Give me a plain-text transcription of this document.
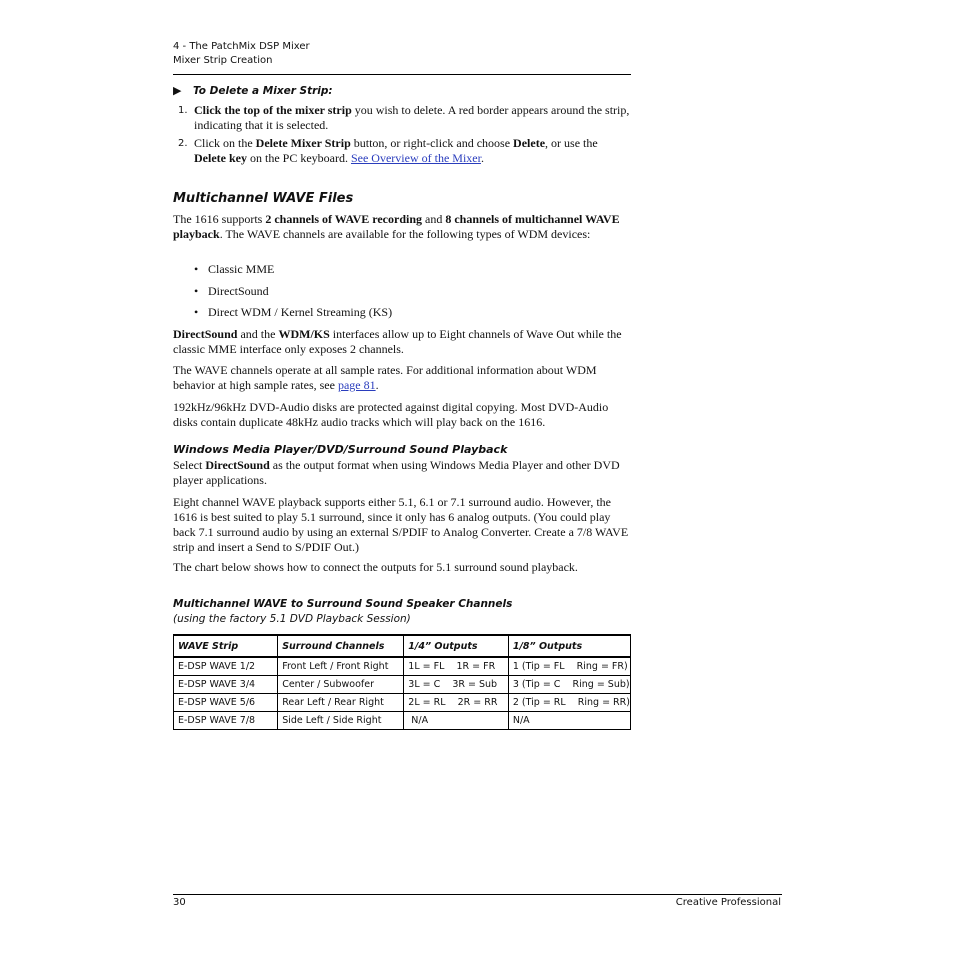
4 - The PatchMix DSP Mixer
Mixer Strip Creation
▶ To Delete a Mixer Strip:
1. Click the top of the mixer strip you wish to delete. A red border appears around the strip, indicating that it is selected.
2. Click on the Delete Mixer Strip button, or right-click and choose Delete, or use the Delete key on the PC keyboard. See Overview of the Mixer.
Multichannel WAVE Files
The 1616 supports 2 channels of WAVE recording and 8 channels of multichannel WAVE playback. The WAVE channels are available for the following types of WDM devices:
• Classic MME
• DirectSound
• Direct WDM / Kernel Streaming (KS)
DirectSound and the WDM/KS interfaces allow up to Eight channels of Wave Out while the classic MME interface only exposes 2 channels.
The WAVE channels operate at all sample rates. For additional information about WDM behavior at high sample rates, see page 81.
192kHz/96kHz DVD-Audio disks are protected against digital copying. Most DVD-Audio disks contain duplicate 48kHz audio tracks which will play back on the 1616.
Windows Media Player/DVD/Surround Sound Playback
Select DirectSound as the output format when using Windows Media Player and other DVD player applications.
Eight channel WAVE playback supports either 5.1, 6.1 or 7.1 surround audio. However, the 1616 is best suited to play 5.1 surround, since it only has 6 analog outputs. (You could play back 7.1 surround audio by using an external S/PDIF to Analog Converter. Create a 7/8 WAVE strip and insert a Send to S/PDIF Out.)
The chart below shows how to connect the outputs for 5.1 surround sound playback.
Multichannel WAVE to Surround Sound Speaker Channels
(using the factory 5.1 DVD Playback Session)
WAVE Strip	Surround Channels	1/4” Outputs	1/8” Outputs
E-DSP WAVE 1/2	Front Left / Front Right	1L = FL    1R = FR	1 (Tip = FL    Ring = FR)
E-DSP WAVE 3/4	Center / Subwoofer	3L = C    3R = Sub	3 (Tip = C    Ring = Sub)
E-DSP WAVE 5/6	Rear Left / Rear Right	2L = RL    2R = RR	2 (Tip = RL    Ring = RR)
E-DSP WAVE 7/8	Side Left / Side Right	N/A	N/A
30	Creative Professional
